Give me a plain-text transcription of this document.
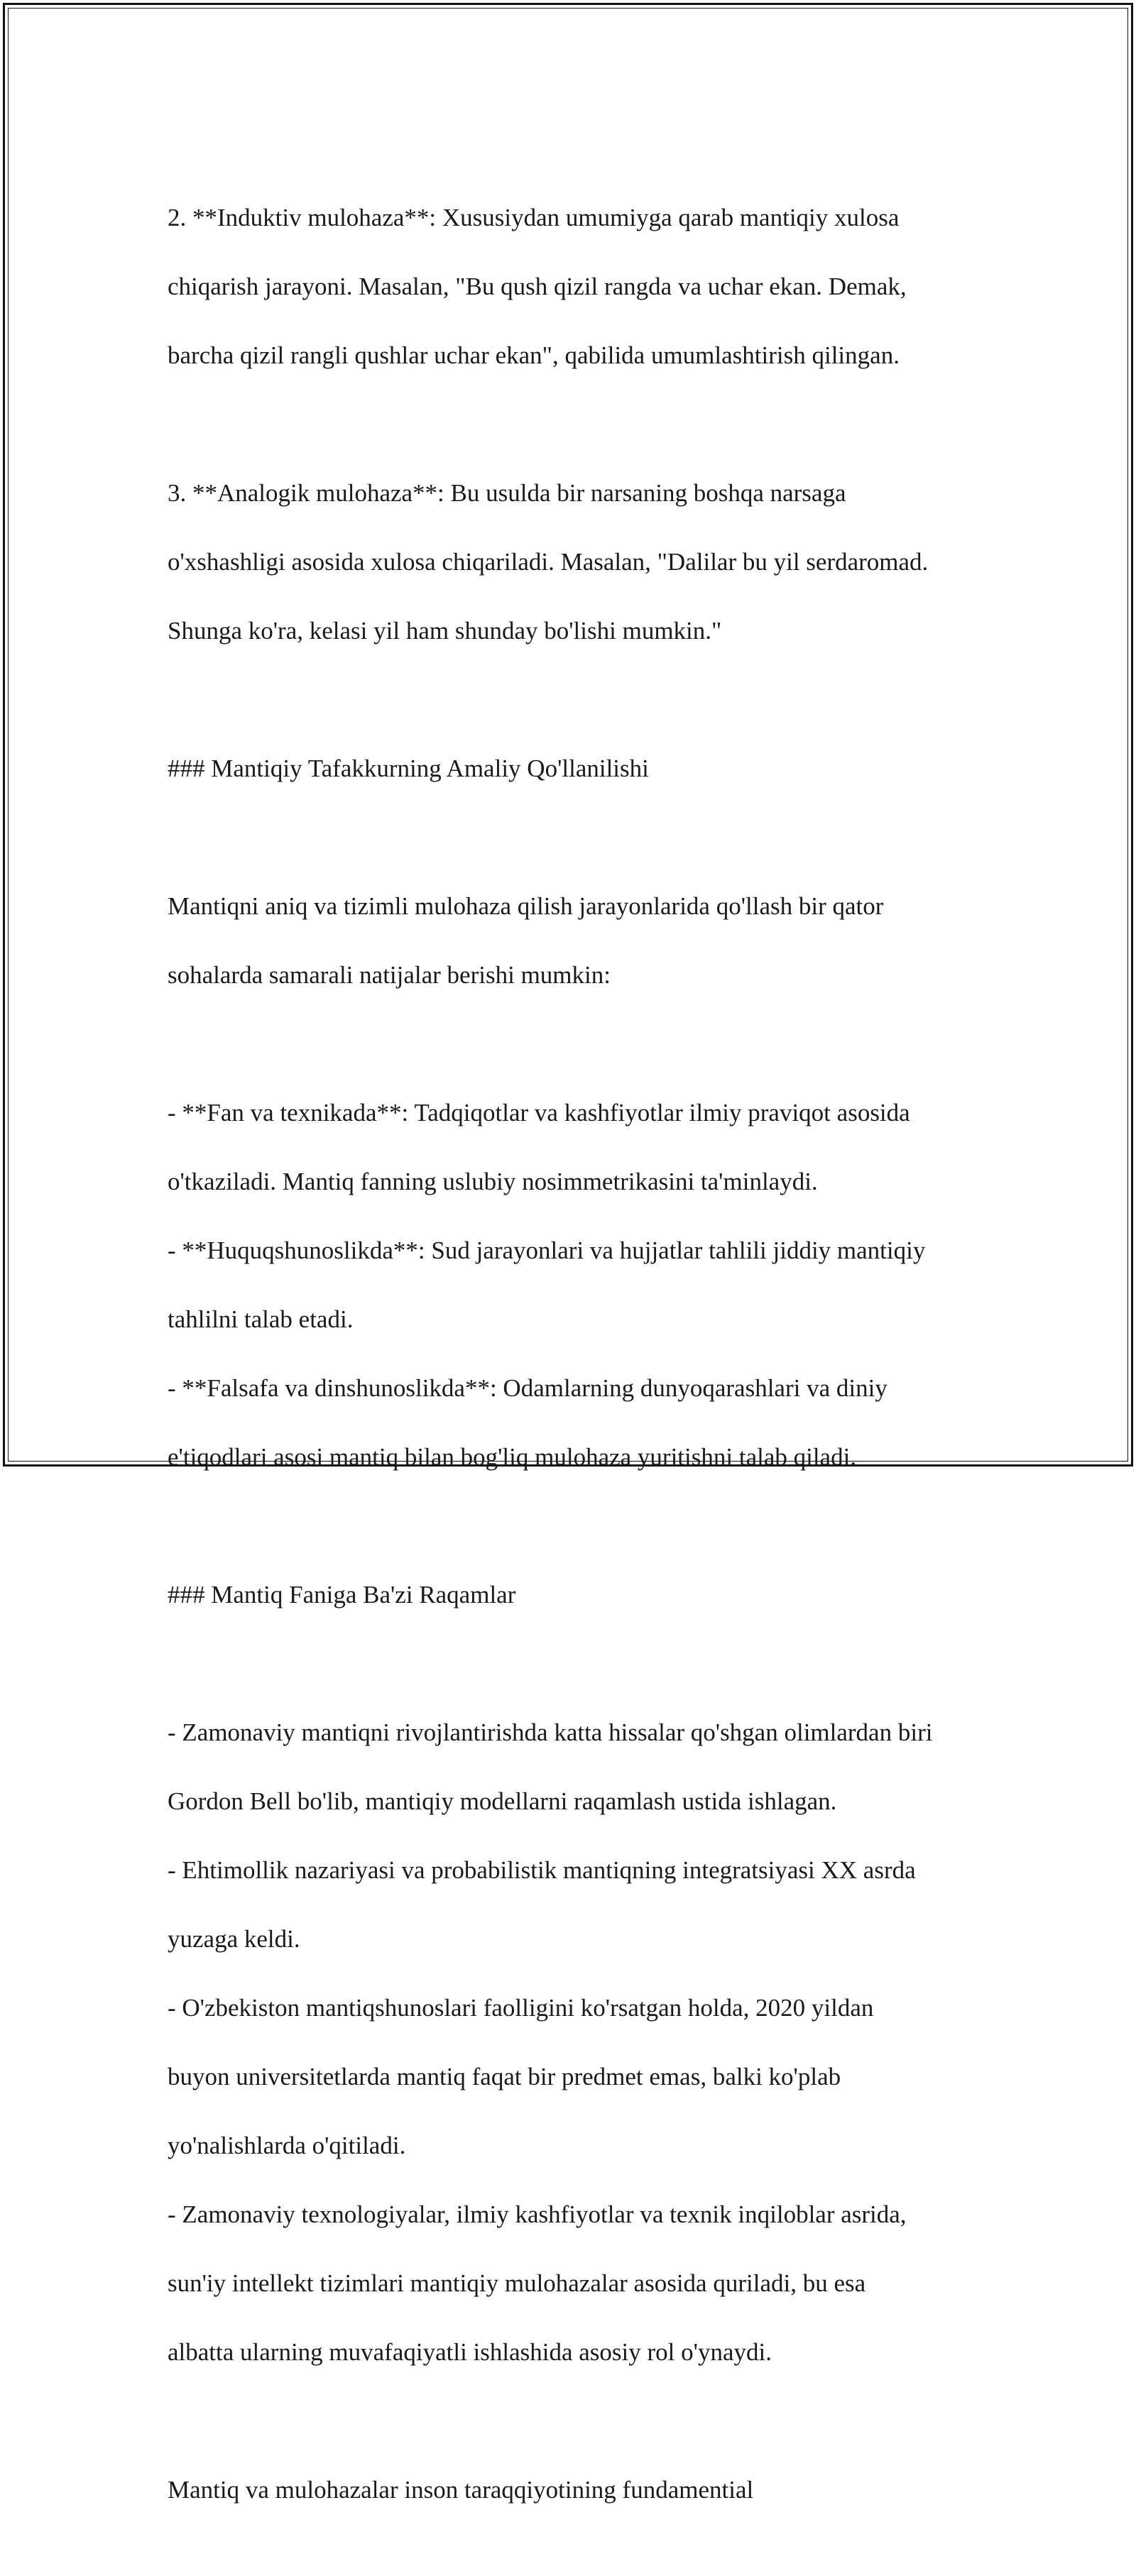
2. **Induktiv mulohaza**: Xususiydan umumiyga qarab mantiqiy xulosa

chiqarish jarayoni. Masalan, "Bu qush qizil rangda va uchar ekan. Demak,

barcha qizil rangli qushlar uchar ekan", qabilida umumlashtirish qilingan.

3. **Analogik mulohaza**: Bu usulda bir narsaning boshqa narsaga

o'xshashligi asosida xulosa chiqariladi. Masalan, "Dalilar bu yil serdaromad.

Shunga ko'ra, kelasi yil ham shunday bo'lishi mumkin."

### Mantiqiy Tafakkurning Amaliy Qo'llanilishi

Mantiqni aniq va tizimli mulohaza qilish jarayonlarida qo'llash bir qator

sohalarda samarali natijalar berishi mumkin:

- **Fan va texnikada**: Tadqiqotlar va kashfiyotlar ilmiy praviqot asosida

o'tkaziladi. Mantiq fanning uslubiy nosimmetrikasini ta'minlaydi.

- **Huquqshunoslikda**: Sud jarayonlari va hujjatlar tahlili jiddiy mantiqiy

tahlilni talab etadi.

- **Falsafa va dinshunoslikda**: Odamlarning dunyoqarashlari va diniy

e'tiqodlari asosi mantiq bilan bog'liq mulohaza yuritishni talab qiladi.

### Mantiq Faniga Ba'zi Raqamlar

- Zamonaviy mantiqni rivojlantirishda katta hissalar qo'shgan olimlardan biri

Gordon Bell bo'lib, mantiqiy modellarni raqamlash ustida ishlagan.

- Ehtimollik nazariyasi va probabilistik mantiqning integratsiyasi XX asrda

yuzaga keldi.

- O'zbekiston mantiqshunoslari faolligini ko'rsatgan holda, 2020 yildan

buyon universitetlarda mantiq faqat bir predmet emas, balki ko'plab

yo'nalishlarda o'qitiladi.

- Zamonaviy texnologiyalar, ilmiy kashfiyotlar va texnik inqiloblar asrida,

sun'iy intellekt tizimlari mantiqiy mulohazalar asosida quriladi, bu esa

albatta ularning muvafaqiyatli ishlashida asosiy rol o'ynaydi.

Mantiq va mulohazalar inson taraqqiyotining fundamential
